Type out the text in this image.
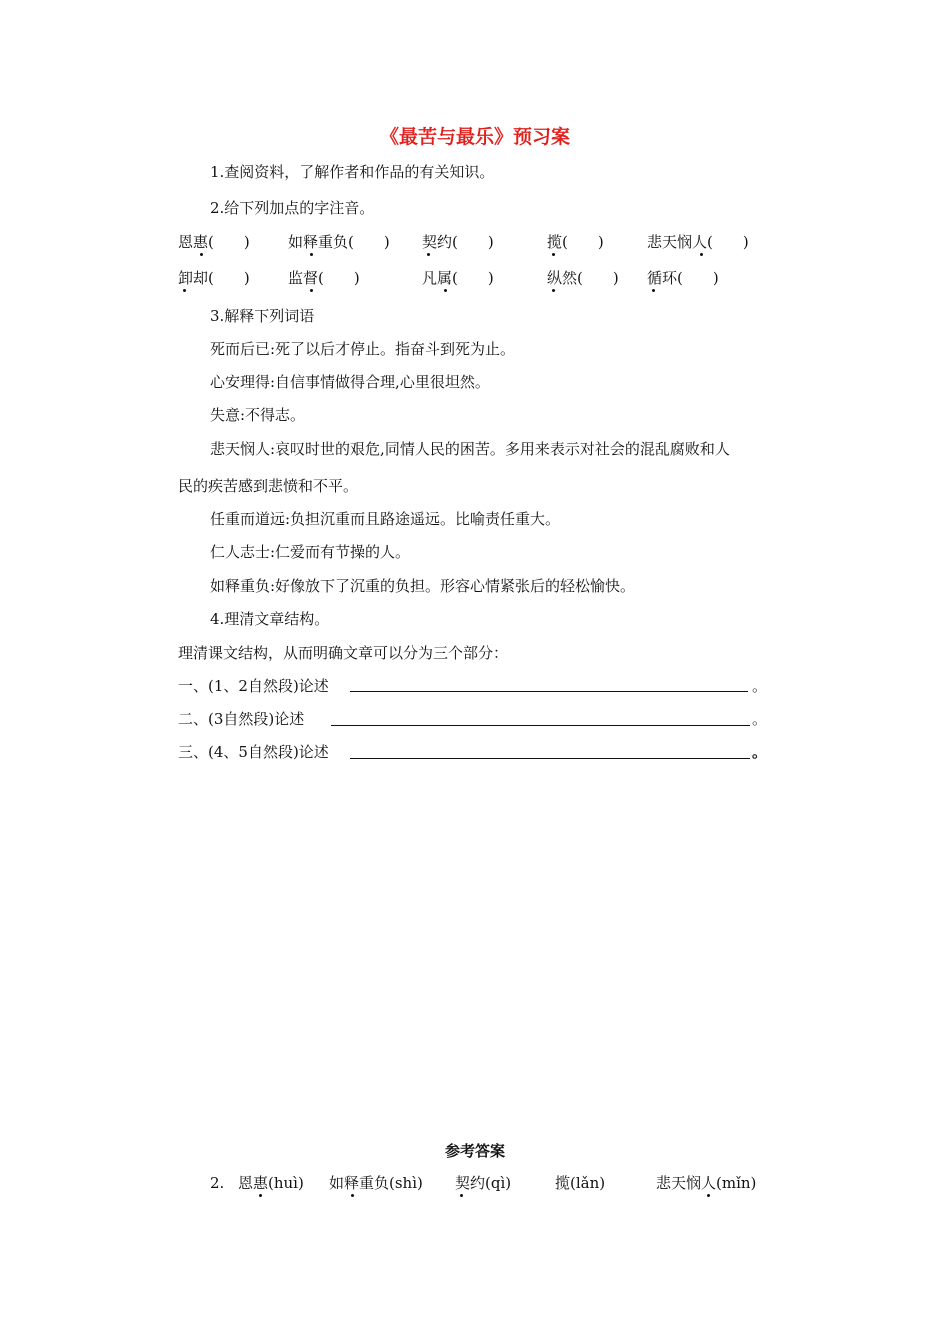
《最苦与最乐》预习案
1.查阅资料，了解作者和作品的有关知识。
2.给下列加点的字注音。
恩惠(　　)	如释重负(　　) 契约(　　)	揽(　　)	悲天悯人(　　)
卸却(　　)	监督(　　)	凡属(　　)	纵然(　　) 循环(　　)
3.解释下列词语
死而后已:死了以后才停止。指奋斗到死为止。
心安理得:自信事情做得合理,心里很坦然。
失意:不得志。
悲天悯人:哀叹时世的艰危,同情人民的困苦。多用来表示对社会的混乱腐败和人
民的疾苦感到悲愤和不平。
任重而道远:负担沉重而且路途遥远。比喻责任重大。
仁人志士:仁爱而有节操的人。
如释重负:好像放下了沉重的负担。形容心情紧张后的轻松愉快。
4.理清文章结构。
理清课文结构，从而明确文章可以分为三个部分：
一、(1、2自然段)论述	。
二、(3自然段)论述	。
三、(4、5自然段)论述	。
参考答案
2. 恩惠(huì) 如释重负(shì) 契约(qì)	揽(lǎn)	悲天悯人(mǐn)
